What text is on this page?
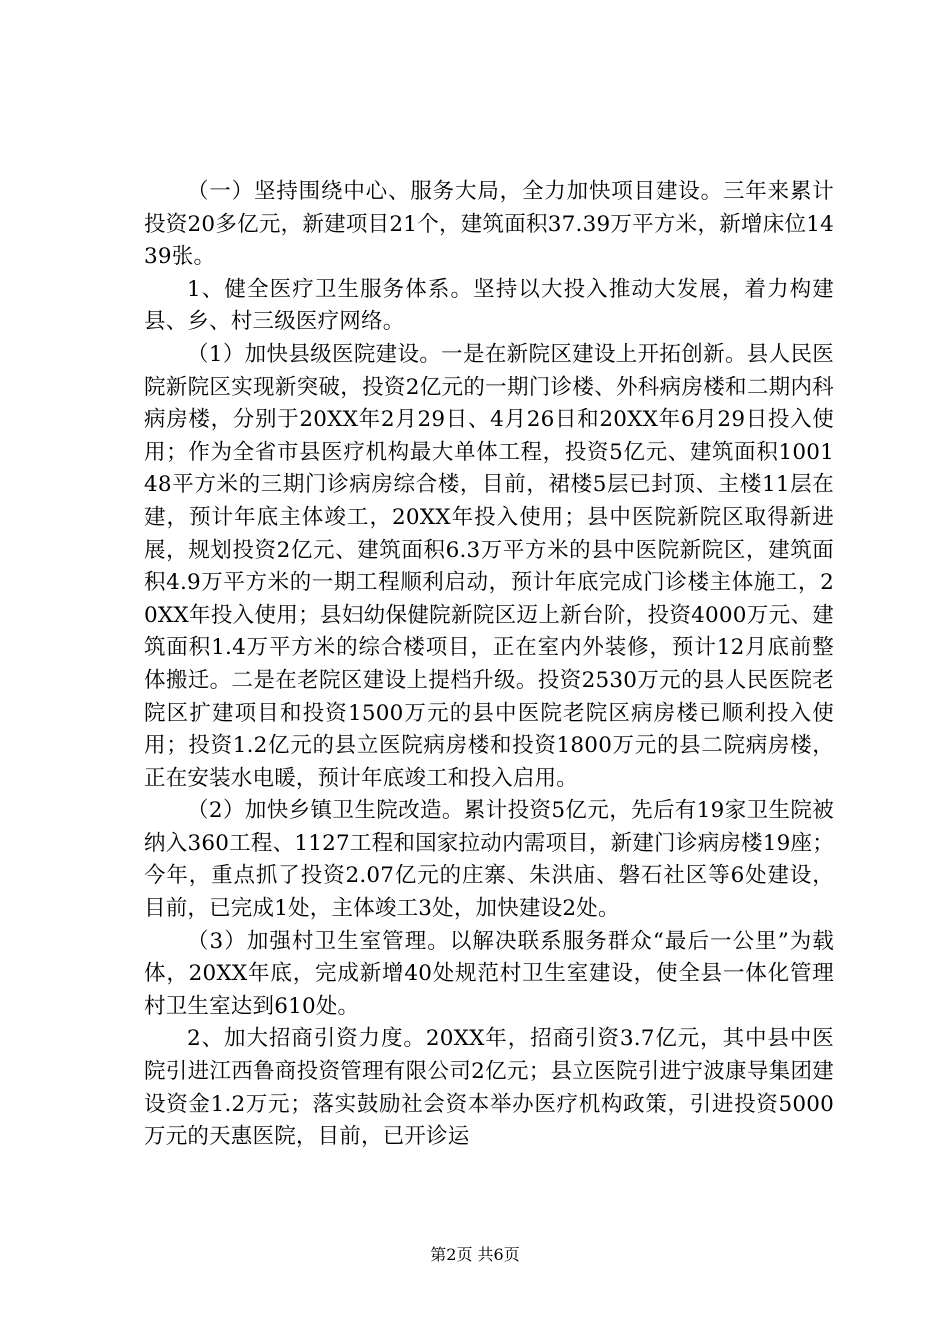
（一）坚持围绕中心、服务大局，全力加快项目建设。三年来累计投资20多亿元，新建项目21个，建筑面积37.39万平方米，新增床位1439张。

1、健全医疗卫生服务体系。坚持以大投入推动大发展，着力构建县、乡、村三级医疗网络。

（1）加快县级医院建设。一是在新院区建设上开拓创新。县人民医院新院区实现新突破，投资2亿元的一期门诊楼、外科病房楼和二期内科病房楼，分别于20XX年2月29日、4月26日和20XX年6月29日投入使用；作为全省市县医疗机构最大单体工程，投资5亿元、建筑面积100148平方米的三期门诊病房综合楼，目前，裙楼5层已封顶、主楼11层在建，预计年底主体竣工，20XX年投入使用；县中医院新院区取得新进展，规划投资2亿元、建筑面积6.3万平方米的县中医院新院区，建筑面积4.9万平方米的一期工程顺利启动，预计年底完成门诊楼主体施工，20XX年投入使用；县妇幼保健院新院区迈上新台阶，投资4000万元、建筑面积1.4万平方米的综合楼项目，正在室内外装修，预计12月底前整体搬迁。二是在老院区建设上提档升级。投资2530万元的县人民医院老院区扩建项目和投资1500万元的县中医院老院区病房楼已顺利投入使用；投资1.2亿元的县立医院病房楼和投资1800万元的县二院病房楼，正在安装水电暖，预计年底竣工和投入启用。

（2）加快乡镇卫生院改造。累计投资5亿元，先后有19家卫生院被纳入360工程、1127工程和国家拉动内需项目，新建门诊病房楼19座；今年，重点抓了投资2.07亿元的庄寨、朱洪庙、磐石社区等6处建设，目前，已完成1处，主体竣工3处，加快建设2处。

（3）加强村卫生室管理。以解决联系服务群众“最后一公里”为载体，20XX年底，完成新增40处规范村卫生室建设，使全县一体化管理村卫生室达到610处。

2、加大招商引资力度。20XX年，招商引资3.7亿元，其中县中医院引进江西鲁商投资管理有限公司2亿元；县立医院引进宁波康导集团建设资金1.2万元；落实鼓励社会资本举办医疗机构政策，引进投资5000万元的天惠医院，目前，已开诊运

第2页 共6页
